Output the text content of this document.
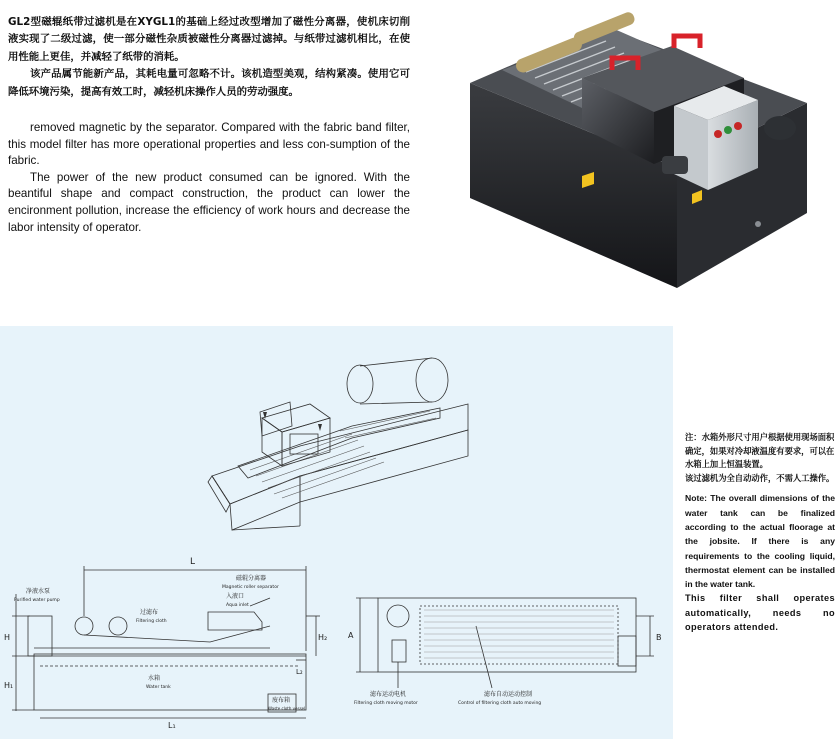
GL2型磁辊纸带过滤机是在XYGL1的基础上经过改型增加了磁性分离器，使机床切削液实现了二级过滤，使一部分磁性杂质被磁性分离器过滤掉。与纸带过滤机相比，在使用性能上更佳，并减轻了纸带的消耗。

该产品属节能新产品，其耗电量可忽略不计。该机造型美观，结构紧凑。使用它可降低环境污染，提高有效工时，减轻机床操作人员的劳动强度。

removed magnetic by the separator. Compared with the fabric band filter, this model filter has more operational properties and less con-sumption of the fabric.

The power of the new product consumed can be ignored. With the beantiful shape and compact construction, the product can lower the encironment pollution, increase the efficiency of work hours and decrease the labor intensity of operator.

L
L₁
L₂
H
H₁
H₂
净液水泵
Purified water pump
磁辊分离器
Magnetic roller separator
入液口
Aqua inlet
过滤布
Filtering cloth
水箱
Water tank
废布箱
Waste cloth vessel
A	B
滤布运动电机
Filtering cloth moving motor
滤布自动运动控制
Control of filtering cloth auto moving

注：水箱外形尺寸用户根据使用现场面积确定，如果对冷却液温度有要求，可以在水箱上加上恒温装置。

该过滤机为全自动动作，不需人工操作。

Note: The overall dimensions of the water tank can be finalized according to the actual floorage at the jobsite. If there is any requirements to the cooling liquid, thermostat element can be installed in the water tank.

This filter shall operates automatically, needs no operators attended.
